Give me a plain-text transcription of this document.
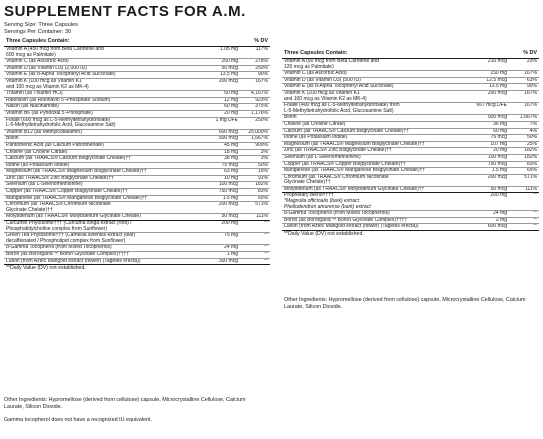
SUPPLEMENT FACTS FOR A.M.
Serving Size: Three Capsules
Servings Per Container: 30
Three Capsules Contain:	% DV
Vitamin A (450 mcg from Beta Carotene and
600 mcg as Palmitate)
1.05 mg	117%
Vitamin C (as Ascorbic Acid)	250 mg	278%
Vitamin D (as Vitamin D3) (2,000 IU)	50 mcg	250%
Vitamin E (as d-Alpha Tocopheryl Acid Succinate)	13.5 mg	90%
Vitamin K (100 mcg as Vitamin K1
and 100 mcg as Vitamin K2 as MK-4)
200 mcg	167%
Thiamin (as Thiamin HCl)	50 mg	4,167%
Riboflavin (as Riboflavin 5'-Phosphate Sodium)	12 mg	923%
Niacin (as Niacinamide)	60 mg	375%
Vitamin B6 (as Pyridoxal 5'-Phosphate)	20 mg	1,176%
Folate (600 mcg as L-5-Methyltetrahydrofolate)
L-5-Methyltetrahydrofolic Acid, Glucosamine Salt)
1 mg DFE	250%
Vitamin B12 (as Methylcobalamin)	600 mcg	25,000%
Biotin	500 mcg	1,667%
Pantothenic Acid (as Calcium Pantothenate)	45 mg	900%
Choline (as Choline Citrate)	18 mg	3%
Calcium (as TRAACS® Calcium Bisglycinate Chelate)††	38 mg	3%
Iodine (as Potassium Iodide)	75 mcg	50%
Magnesium (as TRAACS® Magnesium Bisglycinate Chelate)††	63 mg	15%
Zinc (as TRAACS® Zinc Bisglycinate Chelate)††	10 mg	91%
Selenium (as L-Selenomethionine)	100 mcg	182%
Copper (as TRAACS® Copper Bisglycinate Chelate)††	750 mcg	83%
Manganese (as TRAACS® Manganese Bisglycinate Chelate)††	1.5 mg	65%
Chromium (as TRAACS® Chromium Nicotinate
Glycinate Chelate)††
200 mcg	571%
Molybdenum (as TRAACS® Molybdenum Glycinate Chelate)	50 mcg	111%
Curcumin Phytosome††† (Curcuma longa extract (root) /
Phosphatidylcholine complex from Sunflower)
200 mg	**
Green Tea Phytosome††† (Camellia sinensis extract (leaf)
decaffeinated / Phospholipid complex from Sunflower)
75 mg	**
d-Gamma Tocopherol (from Mixed Tocopherols)	24 mg	**
Boron (as Bororganic™ Boron Glycinate Complex)††††	1 mg	**
Lutein (from Aztec Marigold extract (flower) (Tagetes erecta))	300 mcg	**
**Daily Value (DV) not established.
Other Ingredients: Hypromellose (derived from cellulose) capsule, Microcrystalline Cellulose, Calcium Laurate, Silicon Dioxide.
Gamma tocopherol does not have a recognized IU equivalent.
Three Capsules Contain:	% DV
Vitamin A (90 mcg from Beta Carotene and
120 mcg as Palmitate)
210 mcg	23%
Vitamin C (as Ascorbic Acid)	150 mg	167%
Vitamin D (as Vitamin D3) (500 IU)	12.5 mcg	63%
Vitamin E (as d-Alpha Tocopheryl Acid Succinate)	13.5 mg	90%
Vitamin K (100 mcg as Vitamin K1
and 100 mcg as Vitamin K2 as MK-4)
200 mcg	167%
Folate (400 mcg as L-5-Methyltetrahydrofolate) from
L-5-Methyltetrahydrofolic Acid, Glucosamine Salt)
667 mcg DFE	167%
Biotin	500 mcg	1,667%
Choline (as Choline Citrate)	36 mg	7%
Calcium (as TRAACS® Calcium Bisglycinate Chelate)††	50 mg	4%
Iodine (as Potassium Iodide)	75 mcg	50%
Magnesium (as TRAACS® Magnesium Bisglycinate Chelate)††	107 mg	25%
Zinc (as TRAACS® Zinc Bisglycinate Chelate)††	20 mg	182%
Selenium (as L-Selenomethionine)	100 mcg	182%
Copper (as TRAACS® Copper Bisglycinate Chelate)††	750 mcg	83%
Manganese (as TRAACS® Manganese Bisglycinate Chelate)††	1.5 mg	65%
Chromium (as TRAACS® Chromium Nicotinate
Glycinate Chelate)††
200 mcg	571%
Molybdenum (as TRAACS® Molybdenum Glycinate Chelate)††	50 mcg	111%
Proprietary Blend††††
*Magnolia officinalis (bark) extract
Phellodendron amurense (bark) extract
200 mg	**
d-Gamma Tocopherol (from Mixed Tocopherols)	24 mg	**
Boron (as Bororganic™ Boron Glycinate Complex)††††	2 mg	**
Lutein (from Aztec Marigold extract (flower) (Tagetes erecta))	600 mcg	**
**Daily Value (DV) not established.
Other Ingredients: Hypromellose (derived from cellulose) capsule, Microcrystalline Cellulose, Calcium Laurate, Silicon Dioxide.
